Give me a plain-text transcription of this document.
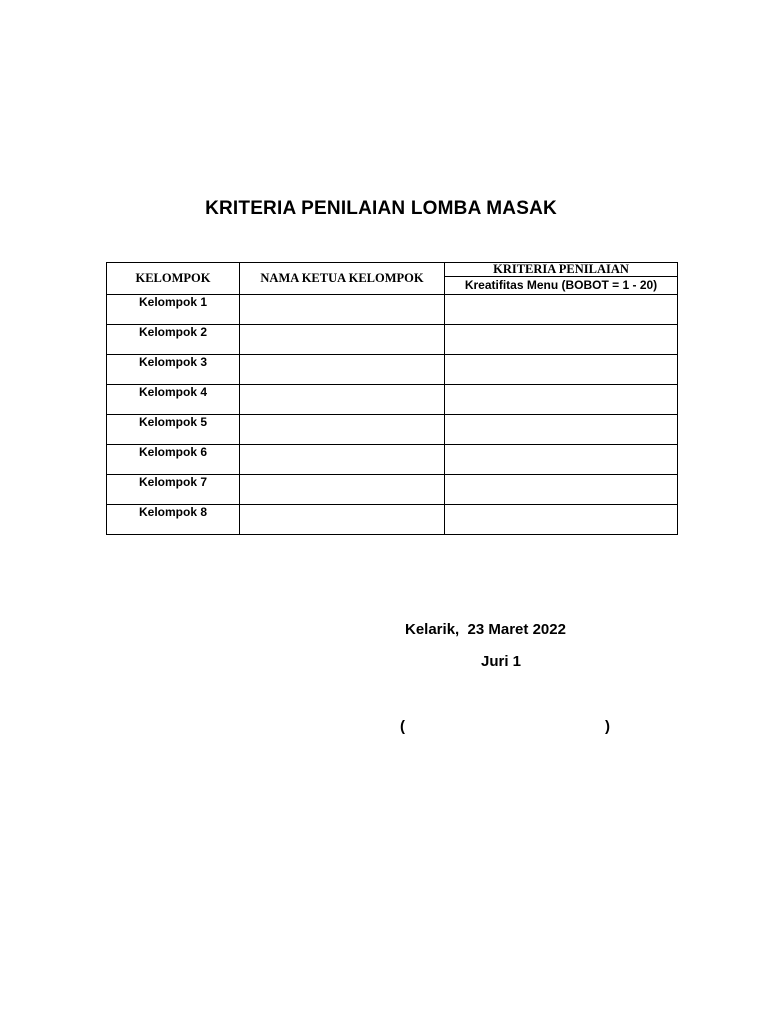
KRITERIA PENILAIAN LOMBA MASAK
KELOMPOK	NAMA KETUA KELOMPOK	KRITERIA PENILAIAN
		Kreatifitas Menu (BOBOT = 1 - 20)
Kelompok 1		
Kelompok 2		
Kelompok 3		
Kelompok 4		
Kelompok 5		
Kelompok 6		
Kelompok 7		
Kelompok 8		
Kelarik,  23 Maret 2022
Juri 1
(	)
